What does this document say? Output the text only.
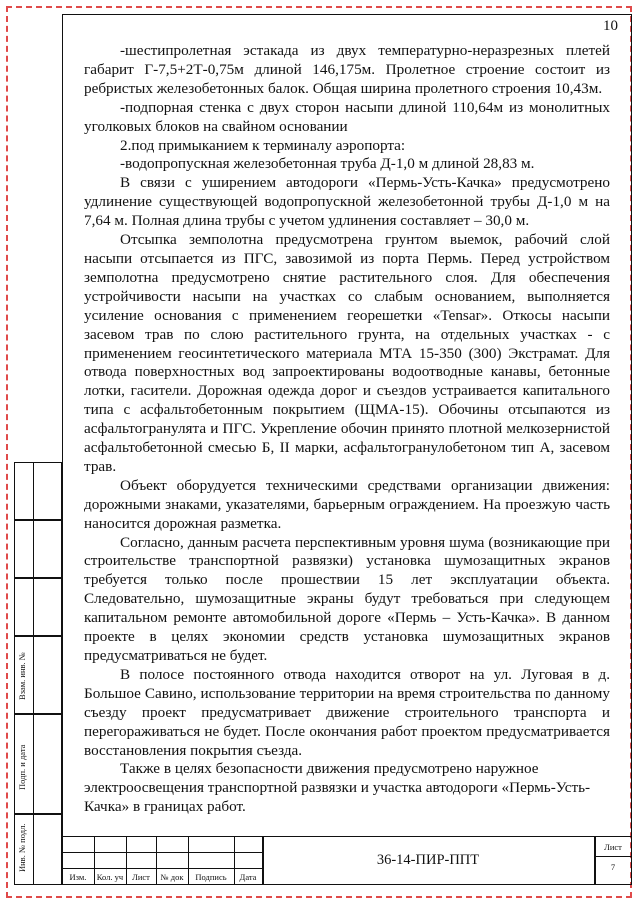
10

-шестипролетная эстакада из двух температурно-неразрезных плетей габарит Г-7,5+2Т-0,75м длиной 146,175м. Пролетное строение состоит из ребристых железобетонных балок. Общая ширина пролетного строения 10,43м.

-подпорная стенка с двух сторон насыпи длиной 110,64м из монолитных уголковых блоков на свайном основании

2.под примыканием к терминалу аэропорта:

-водопропускная железобетонная труба Д-1,0 м длиной 28,83 м.

В связи с уширением автодороги «Пермь-Усть-Качка» предусмотрено удлинение существующей водопропускной железобетонной трубы Д-1,0 м на 7,64 м. Полная длина трубы с учетом удлинения составляет – 30,0 м.

Отсыпка земполотна предусмотрена грунтом выемок, рабочий слой насыпи отсыпается из ПГС, завозимой из порта Пермь. Перед устройством земполотна предусмотрено снятие растительного слоя. Для обеспечения устройчивости насыпи на участках со слабым основанием, выполняется усиление основания с применением георешетки «Tensar». Откосы насыпи засевом трав по слою растительного грунта, на отдельных участках - с применением геосинтетического материала МТА 15-350 (300) Экстрамат. Для отвода поверхностных вод запроектированы водоотводные канавы, бетонные лотки, гасители. Дорожная одежда дорог и съездов устраивается капитального типа с асфальтобетонным покрытием (ЩМА-15). Обочины отсыпаются из асфальтогранулята и ПГС. Укрепление обочин принято плотной мелкозернистой асфальтобетонной смесью Б, II марки, асфальтогранулобетоном тип А, засевом трав.

Объект оборудуется техническими средствами организации движения: дорожными знаками, указателями, барьерным ограждением. На проезжую часть наносится дорожная разметка.

Согласно, данным расчета перспективным уровня шума (возникающие при строительстве транспортной развязки) установка шумозащитных экранов требуется только после прошествии 15 лет эксплуатации объекта. Следовательно, шумозащитные экраны будут требоваться при следующем капитальном ремонте автомобильной дороге «Пермь – Усть-Качка». В данном проекте в целях экономии средств установка шумозащитных экранов предусматриваться не будет.

В полосе постоянного отвода находится отворот на ул. Луговая в д. Большое Савино, использование территории на время строительства по данному съезду проект предусматривает движение строительного транспорта и перегораживаться не будет. После окончания работ проектом предусматривается восстановления покрытия съезда.

Также в целях безопасности движения предусмотрено наружное электроосвещения транспортной развязки и участка автодороги «Пермь-Усть-Качка» в границах работ.

Взам. инв. №
Подп. и дата
Инв. № подл.
Изм.	Кол. уч	Лист	№ док	Подпись	Дата
36-14-ПИР-ППТ
Лист
7
